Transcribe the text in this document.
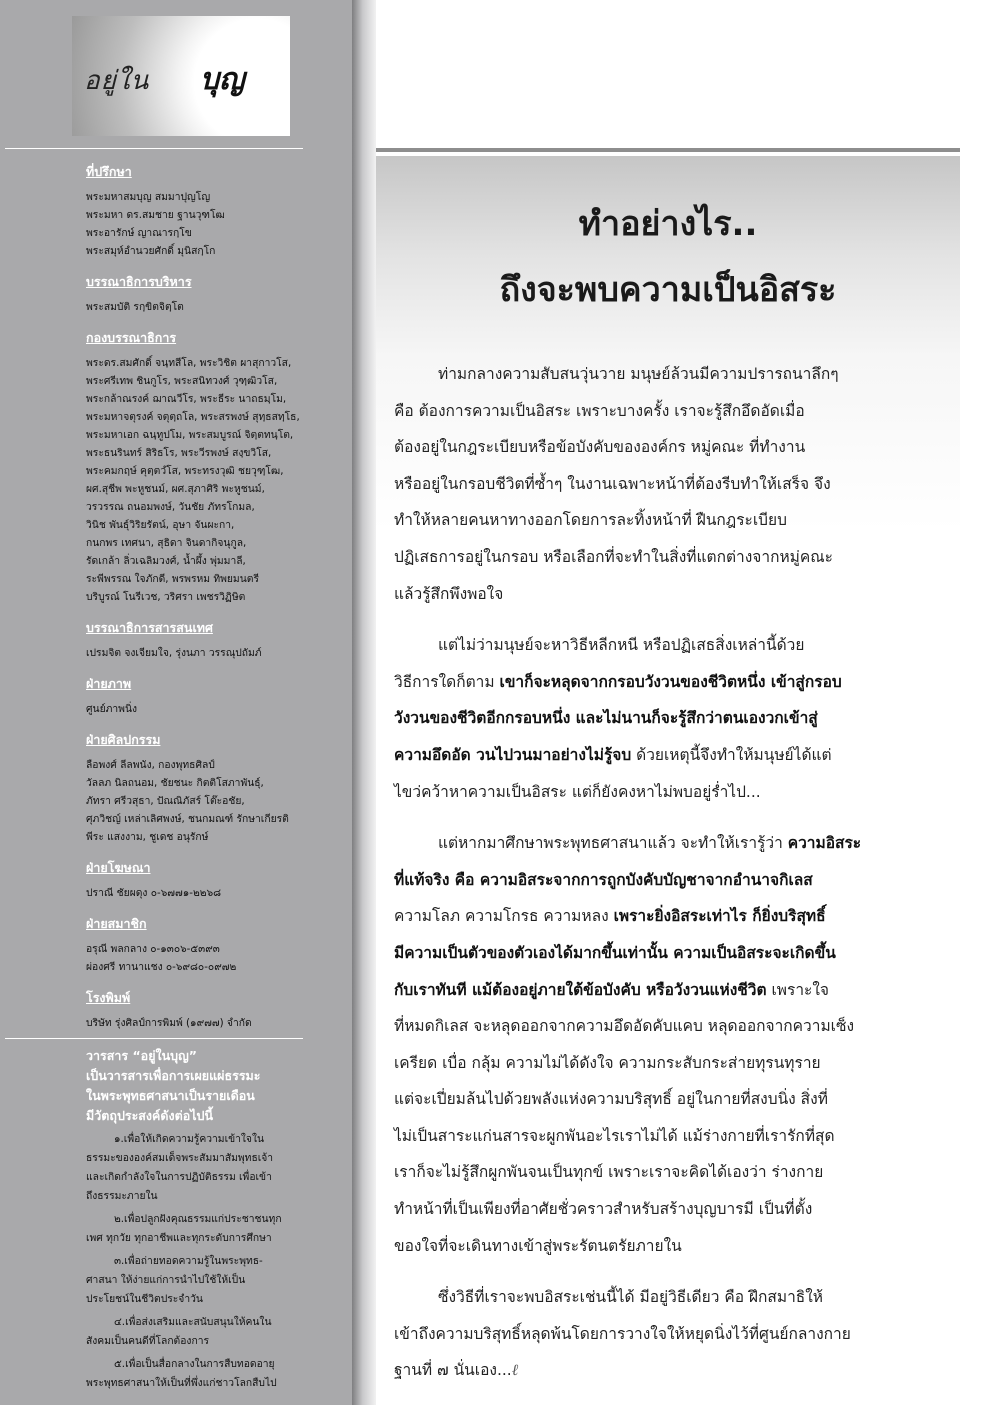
อยู่ใน บุญ
ที่ปรึกษา
พระมหาสมบุญ สมมาปุญโญ
พระมหา ดร.สมชาย ฐานวุฑโฒ
พระอารักษ์ ญาณารกฺโข
พระสมุห์อำนวยศักดิ์ มุนิสกฺโก
บรรณาธิการบริหาร
พระสมบัติ รกฺขิตจิตฺโต
กองบรรณาธิการ
พระดร.สมศักดิ์ จนฺทสีโล, พระวิชิต ผาสุกาวโส,
พระศรีเทพ ชินกูโร, พระสนิทวงศ์ วุฑฺฒิวโส,
พระกล้าณรงค์ ฌาณวีโร, พระธีระ นาถธมฺโม,
พระมหาจตุรงค์ จตุตฺถโล, พระสรพงษ์ สุทฺธสทฺโธ,
พระมหาเอก ฉนฺทูปโม, พระสมบูรณ์ จิตฺตทนฺโต,
พระธนรินทร์ สิริธโร, พระวีรพงษ์ สงฺขวิโส,
พระคมกฤษ์ คุตฺตวํโส, พระทรงวุฒิ ชยวุฑฺโฒ,
ผศ.สุชีพ พะหูชนม์, ผศ.สุภาศิริ พะหูชนม์,
วรวรรณ ถนอมพงษ์, วันชัย ภัทรโกมล,
วินิช พันธุ์วิริยรัตน์, อุษา จันผะกา,
กนกพร เทศนา, สุธิดา จินดากิจนุกูล,
รัดเกล้า ลิ่วเฉลิมวงศ์, น้ำผึ้ง พุ่มมาลี,
ระพีพรรณ ใจภักดี, พรพรหม ทิพยมนตรี
บริบูรณ์ โนรีเวช, วริศรา เพชรวิฏิษิต
บรรณาธิการสารสนเทศ
เปรมจิต จงเจียมใจ, รุ่งนภา วรรณุปถัมภ์
ฝ่ายภาพ
ศูนย์ภาพนิ่ง
ฝ่ายศิลปกรรม
ลือพงศ์ ลีลพนัง, กองพุทธศิลป์
วัลลภ นิลถนอม, ชัยชนะ กิตติโสภาพันธุ์,
ภัทรา ศรีวสุธา, ปัณณิภัสร์ โต๊ะอชัย,
ศุภวิชญ์ เหล่าเลิศพงษ์, ชนกมณฑ์ รักษาเกียรติ
พีระ แสงงาม, ชูเดช อนุรักษ์
ฝ่ายโฆษณา
ปราณี ชัยผดุง ๐-๖๗๗๑-๒๒๖๘
ฝ่ายสมาชิก
อรุณี พลกลาง ๐-๑๓๐๖-๕๓๙๓
ผ่องศรี ทานาแชง ๐-๖๙๘๐-๐๙๗๒
โรงพิมพ์
บริษัท รุ่งศิลป์การพิมพ์ (๑๙๗๗) จำกัด
วารสาร “อยู่ในบุญ”
เป็นวารสารเพื่อการเผยแผ่ธรรมะ
ในพระพุทธศาสนาเป็นรายเดือน
มีวัตถุประสงค์ดังต่อไปนี้

๑.เพื่อให้เกิดความรู้ความเข้าใจใน

ธรรมะขององค์สมเด็จพระสัมมาสัมพุทธเจ้า

และเกิดกำลังใจในการปฏิบัติธรรม เพื่อเข้า

ถึงธรรมะภายใน

๒.เพื่อปลูกฝังคุณธรรมแก่ประชาชนทุก

เพศ ทุกวัย ทุกอาชีพและทุกระดับการศึกษา

๓.เพื่อถ่ายทอดความรู้ในพระพุทธ-

ศาสนา ให้ง่ายแก่การนำไปใช้ให้เป็น

ประโยชน์ในชีวิตประจำวัน

๔.เพื่อส่งเสริมและสนับสนุนให้คนใน

สังคมเป็นคนดีที่โลกต้องการ

๕.เพื่อเป็นสื่อกลางในการสืบทอดอายุ

พระพุทธศาสนาให้เป็นที่พึ่งแก่ชาวโลกสืบไป

ทำอย่างไร..
ถึงจะพบความเป็นอิสระ

ท่ามกลางความสับสนวุ่นวาย มนุษย์ล้วนมีความปรารถนาลึกๆ

คือ ต้องการความเป็นอิสระ เพราะบางครั้ง เราจะรู้สึกอึดอัดเมื่อ

ต้องอยู่ในกฎระเบียบหรือข้อบังคับขององค์กร หมู่คณะ ที่ทำงาน

หรืออยู่ในกรอบชีวิตที่ซ้ำๆ ในงานเฉพาะหน้าที่ต้องรีบทำให้เสร็จ จึง

ทำให้หลายคนหาทางออกโดยการละทิ้งหน้าที่ ฝืนกฎระเบียบ

ปฏิเสธการอยู่ในกรอบ หรือเลือกที่จะทำในสิ่งที่แตกต่างจากหมู่คณะ

แล้วรู้สึกพึงพอใจ

แต่ไม่ว่ามนุษย์จะหาวิธีหลีกหนี หรือปฏิเสธสิ่งเหล่านี้ด้วย

วิธีการใดก็ตาม เขาก็จะหลุดจากกรอบวังวนของชีวิตหนึ่ง เข้าสู่กรอบ

วังวนของชีวิตอีกกรอบหนึ่ง และไม่นานก็จะรู้สึกว่าตนเองวกเข้าสู่

ความอึดอัด วนไปวนมาอย่างไม่รู้จบ ด้วยเหตุนี้จึงทำให้มนุษย์ได้แต่

ไขว่คว้าหาความเป็นอิสระ แต่ก็ยังคงหาไม่พบอยู่ร่ำไป...

แต่หากมาศึกษาพระพุทธศาสนาแล้ว จะทำให้เรารู้ว่า ความอิสระ

ที่แท้จริง คือ ความอิสระจากการถูกบังคับบัญชาจากอำนาจกิเลส

ความโลภ ความโกรธ ความหลง เพราะยิ่งอิสระเท่าไร ก็ยิ่งบริสุทธิ์

มีความเป็นตัวของตัวเองได้มากขึ้นเท่านั้น ความเป็นอิสระจะเกิดขึ้น

กับเราทันที แม้ต้องอยู่ภายใต้ข้อบังคับ หรือวังวนแห่งชีวิต เพราะใจ

ที่หมดกิเลส จะหลุดออกจากความอึดอัดคับแคบ หลุดออกจากความเซ็ง

เครียด เบื่อ กลุ้ม ความไม่ได้ดังใจ ความกระสับกระส่ายทุรนทุราย

แต่จะเปี่ยมล้นไปด้วยพลังแห่งความบริสุทธิ์ อยู่ในกายที่สงบนิ่ง สิ่งที่

ไม่เป็นสาระแก่นสารจะผูกพันอะไรเราไม่ได้ แม้ร่างกายที่เรารักที่สุด

เราก็จะไม่รู้สึกผูกพันจนเป็นทุกข์ เพราะเราจะคิดได้เองว่า ร่างกาย

ทำหน้าที่เป็นเพียงที่อาศัยชั่วคราวสำหรับสร้างบุญบารมี เป็นที่ตั้ง

ของใจที่จะเดินทางเข้าสู่พระรัตนตรัยภายใน

ซึ่งวิธีที่เราจะพบอิสระเช่นนี้ได้ มีอยู่วิธีเดียว คือ ฝึกสมาธิให้

เข้าถึงความบริสุทธิ์หลุดพ้นโดยการวางใจให้หยุดนิ่งไว้ที่ศูนย์กลางกาย

ฐานที่ ๗ นั่นเอง...ℓ
